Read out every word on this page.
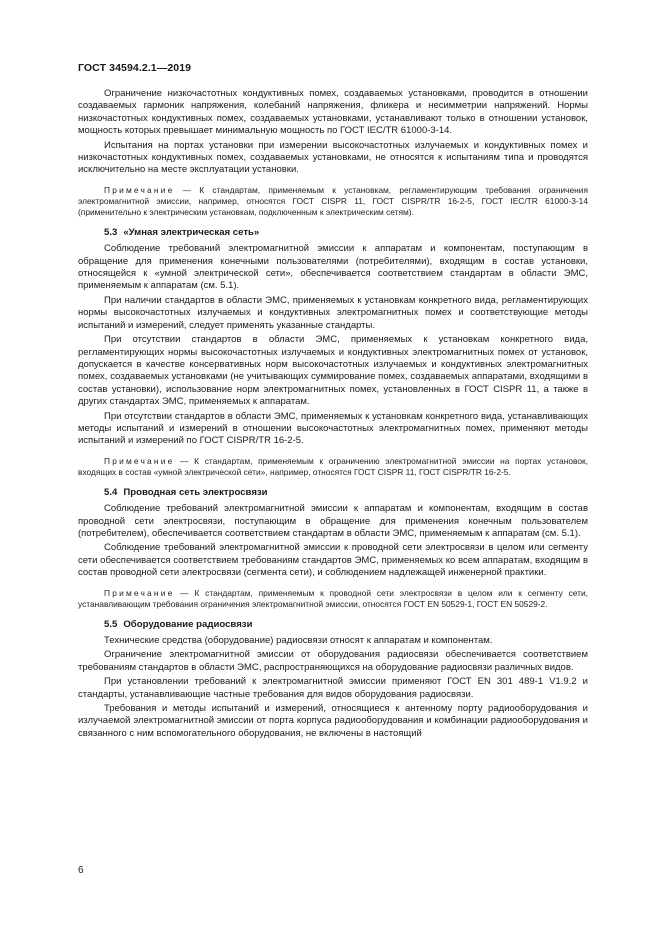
ГОСТ 34594.2.1—2019

Ограничение низкочастотных кондуктивных помех, создаваемых установками, проводится в отношении создаваемых гармоник напряжения, колебаний напряжения, фликера и несимметрии напряжений. Нормы низкочастотных кондуктивных помех, создаваемых установками, устанавливают только в отношении установок, мощность которых превышает минимальную мощность по ГОСТ IEC/TR 61000-3-14.

Испытания на портах установки при измерении высокочастотных излучаемых и кондуктивных помех и низкочастотных кондуктивных помех, создаваемых установками, не относятся к испытаниям типа и проводятся исключительно на месте эксплуатации установки.

Примечание — К стандартам, применяемым к установкам, регламентирующим требования ограничения электромагнитной эмиссии, например, относятся ГОСТ CISPR 11, ГОСТ CISPR/TR 16-2-5, ГОСТ IEC/TR 61000-3-14 (применительно к электрическим установкам, подключенным к электрическим сетям).

5.3 «Умная электрическая сеть»

Соблюдение требований электромагнитной эмиссии к аппаратам и компонентам, поступающим в обращение для применения конечными пользователями (потребителями), входящим в состав установки, относящейся к «умной электрической сети», обеспечивается соответствием стандартам в области ЭМС, применяемым к аппаратам (см. 5.1).

При наличии стандартов в области ЭМС, применяемых к установкам конкретного вида, регламентирующих нормы высокочастотных излучаемых и кондуктивных электромагнитных помех и соответствующие методы испытаний и измерений, следует применять указанные стандарты.

При отсутствии стандартов в области ЭМС, применяемых к установкам конкретного вида, регламентирующих нормы высокочастотных излучаемых и кондуктивных электромагнитных помех от установок, допускается в качестве консервативных норм высокочастотных излучаемых и кондуктивных электромагнитных помех, создаваемых установками (не учитывающих суммирование помех, создаваемых аппаратами, входящими в состав установки), использование норм электромагнитных помех, установленных в ГОСТ CISPR 11, а также в других стандартах ЭМС, применяемых к аппаратам.

При отсутствии стандартов в области ЭМС, применяемых к установкам конкретного вида, устанавливающих методы испытаний и измерений в отношении высокочастотных электромагнитных помех, применяют методы испытаний и измерений по ГОСТ CISPR/TR 16-2-5.

Примечание — К стандартам, применяемым к ограничению электромагнитной эмиссии на портах установок, входящих в состав «умной электрической сети», например, относятся ГОСТ CISPR 11, ГОСТ CISPR/TR 16-2-5.

5.4 Проводная сеть электросвязи

Соблюдение требований электромагнитной эмиссии к аппаратам и компонентам, входящим в состав проводной сети электросвязи, поступающим в обращение для применения конечным пользователем (потребителем), обеспечивается соответствием стандартам в области ЭМС, применяемым к аппаратам (см. 5.1).

Соблюдение требований электромагнитной эмиссии к проводной сети электросвязи в целом или сегменту сети обеспечивается соответствием требованиям стандартов ЭМС, применяемых ко всем аппаратам, входящим в состав проводной сети электросвязи (сегмента сети), и соблюдением надлежащей инженерной практики.

Примечание — К стандартам, применяемым к проводной сети электросвязи в целом или к сегменту сети, устанавливающим требования ограничения электромагнитной эмиссии, относятся ГОСТ EN 50529-1, ГОСТ EN 50529-2.

5.5 Оборудование радиосвязи

Технические средства (оборудование) радиосвязи относят к аппаратам и компонентам.

Ограничение электромагнитной эмиссии от оборудования радиосвязи обеспечивается соответствием требованиям стандартов в области ЭМС, распространяющихся на оборудование радиосвязи различных видов.

При установлении требований к электромагнитной эмиссии применяют ГОСТ EN 301 489-1 V1.9.2 и стандарты, устанавливающие частные требования для видов оборудования радиосвязи.

Требования и методы испытаний и измерений, относящиеся к антенному порту радиооборудования и излучаемой электромагнитной эмиссии от порта корпуса радиооборудования и комбинации радиооборудования и связанного с ним вспомогательного оборудования, не включены в настоящий

6
